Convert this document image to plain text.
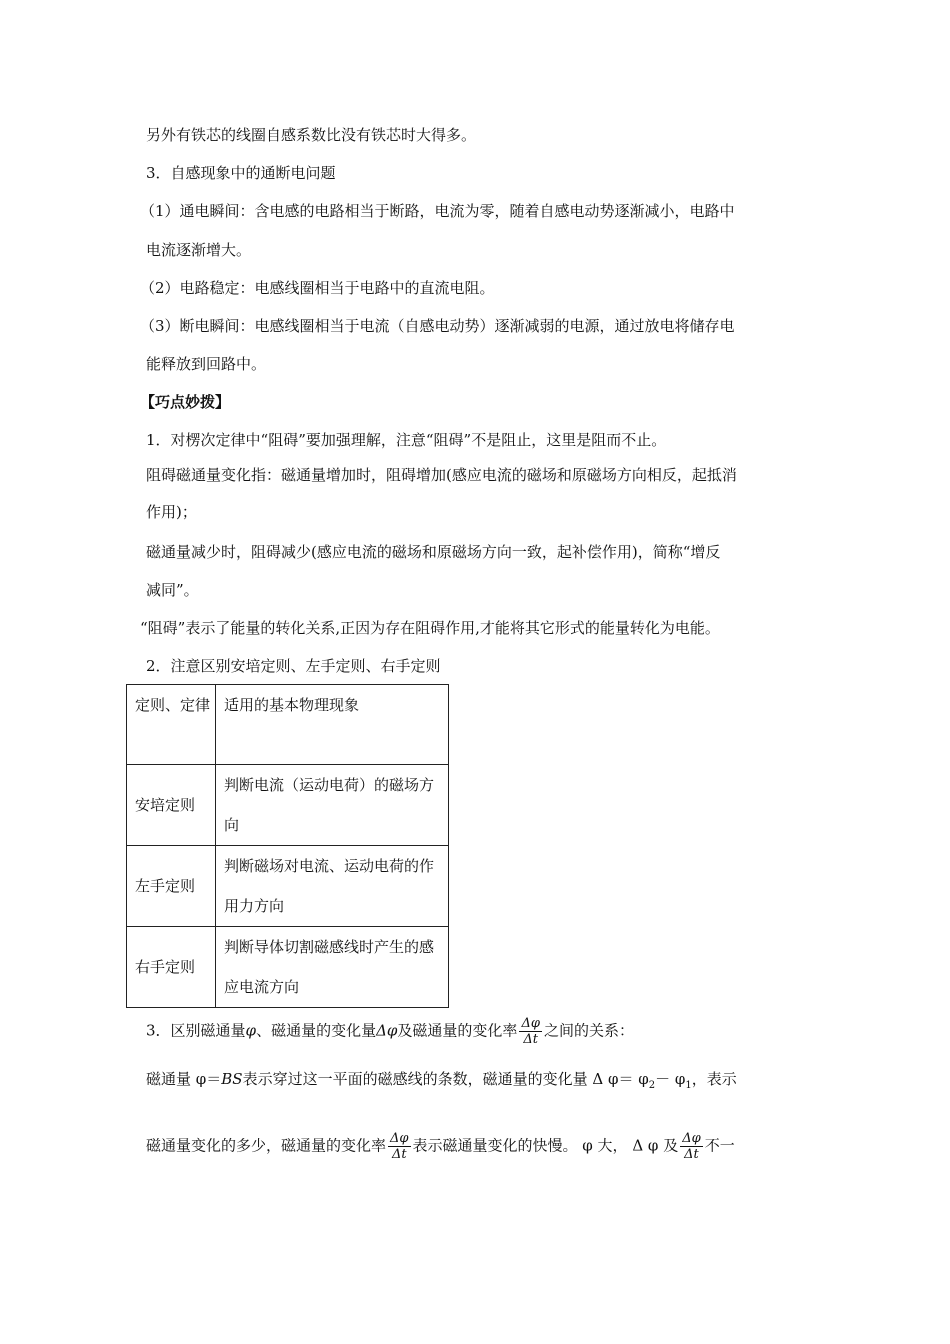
另外有铁芯的线圈自感系数比没有铁芯时大得多。
3．自感现象中的通断电问题
（1）通电瞬间：含电感的电路相当于断路，电流为零，随着自感电动势逐渐减小，电路中
电流逐渐增大。
（2）电路稳定：电感线圈相当于电路中的直流电阻。
（3）断电瞬间：电感线圈相当于电流（自感电动势）逐渐减弱的电源，通过放电将储存电
能释放到回路中。
【巧点妙拨】
1．对楞次定律中“阻碍”要加强理解，注意“阻碍”不是阻止，这里是阻而不止。
阻碍磁通量变化指：磁通量增加时，阻碍增加(感应电流的磁场和原磁场方向相反，起抵消
作用)；
磁通量减少时，阻碍减少(感应电流的磁场和原磁场方向一致，起补偿作用)，简称“增反
减同”。
“阻碍”表示了能量的转化关系,正因为存在阻碍作用,才能将其它形式的能量转化为电能。
2．注意区别安培定则、左手定则、右手定则
定则、定律	适用的基本物理现象
安培定则	判断电流（运动电荷）的磁场方向
左手定则	判断磁场对电流、运动电荷的作用力方向
右手定则	判断导体切割磁感线时产生的感应电流方向
3．区别磁通量φ、磁通量的变化量Δφ及磁通量的变化率 $\frac{\Delta\varphi}{\Delta t}$ 之间的关系：
磁通量 φ＝BS表示穿过这一平面的磁感线的条数，磁通量的变化量 Δ $\varphi= \varphi_2- \varphi_1$，表示
磁通量变化的多少，磁通量的变化率 $\frac{\Delta\varphi}{\Delta t}$ 表示磁通量变化的快慢。 φ 大， Δ φ 及 $\frac{\Delta\varphi}{\Delta t}$ 不一
